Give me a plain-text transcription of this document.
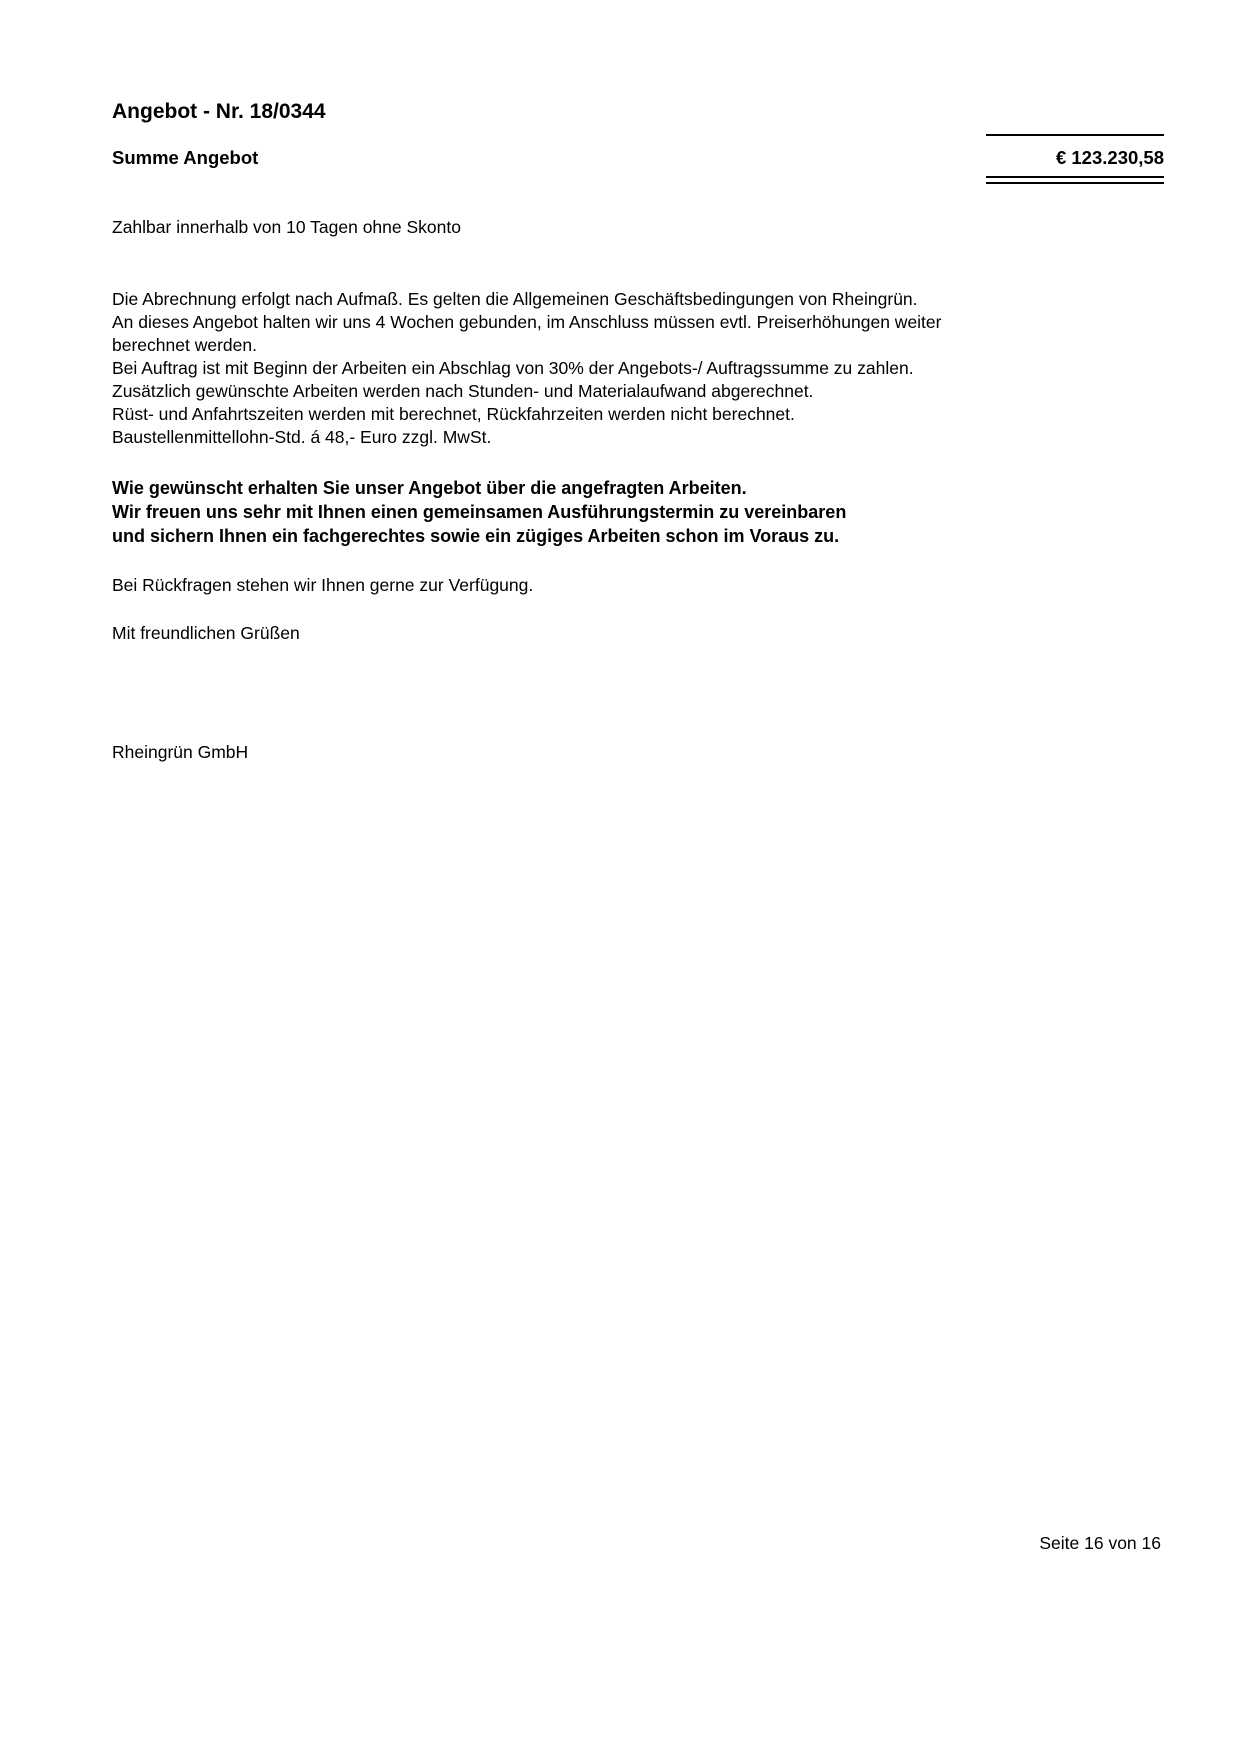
Angebot - Nr. 18/0344
Summe Angebot	€ 123.230,58
Zahlbar innerhalb von 10 Tagen ohne Skonto
Die Abrechnung erfolgt nach Aufmaß. Es gelten die Allgemeinen Geschäftsbedingungen von Rheingrün.
An dieses Angebot halten wir uns 4 Wochen gebunden, im Anschluss müssen evtl. Preiserhöhungen weiter
berechnet werden.
Bei Auftrag ist mit Beginn der Arbeiten ein Abschlag von 30% der Angebots-/ Auftragssumme zu zahlen.
Zusätzlich gewünschte Arbeiten werden nach Stunden- und Materialaufwand abgerechnet.
Rüst- und Anfahrtszeiten werden mit berechnet, Rückfahrzeiten werden nicht berechnet.
Baustellenmittellohn-Std. á 48,- Euro zzgl. MwSt.
Wie gewünscht erhalten Sie unser Angebot über die angefragten Arbeiten.
Wir freuen uns sehr mit Ihnen einen gemeinsamen Ausführungstermin zu vereinbaren
und sichern Ihnen ein fachgerechtes sowie ein zügiges Arbeiten schon im Voraus zu.
Bei Rückfragen stehen wir Ihnen gerne zur Verfügung.
Mit freundlichen Grüßen
Rheingrün GmbH
Seite 16 von 16
